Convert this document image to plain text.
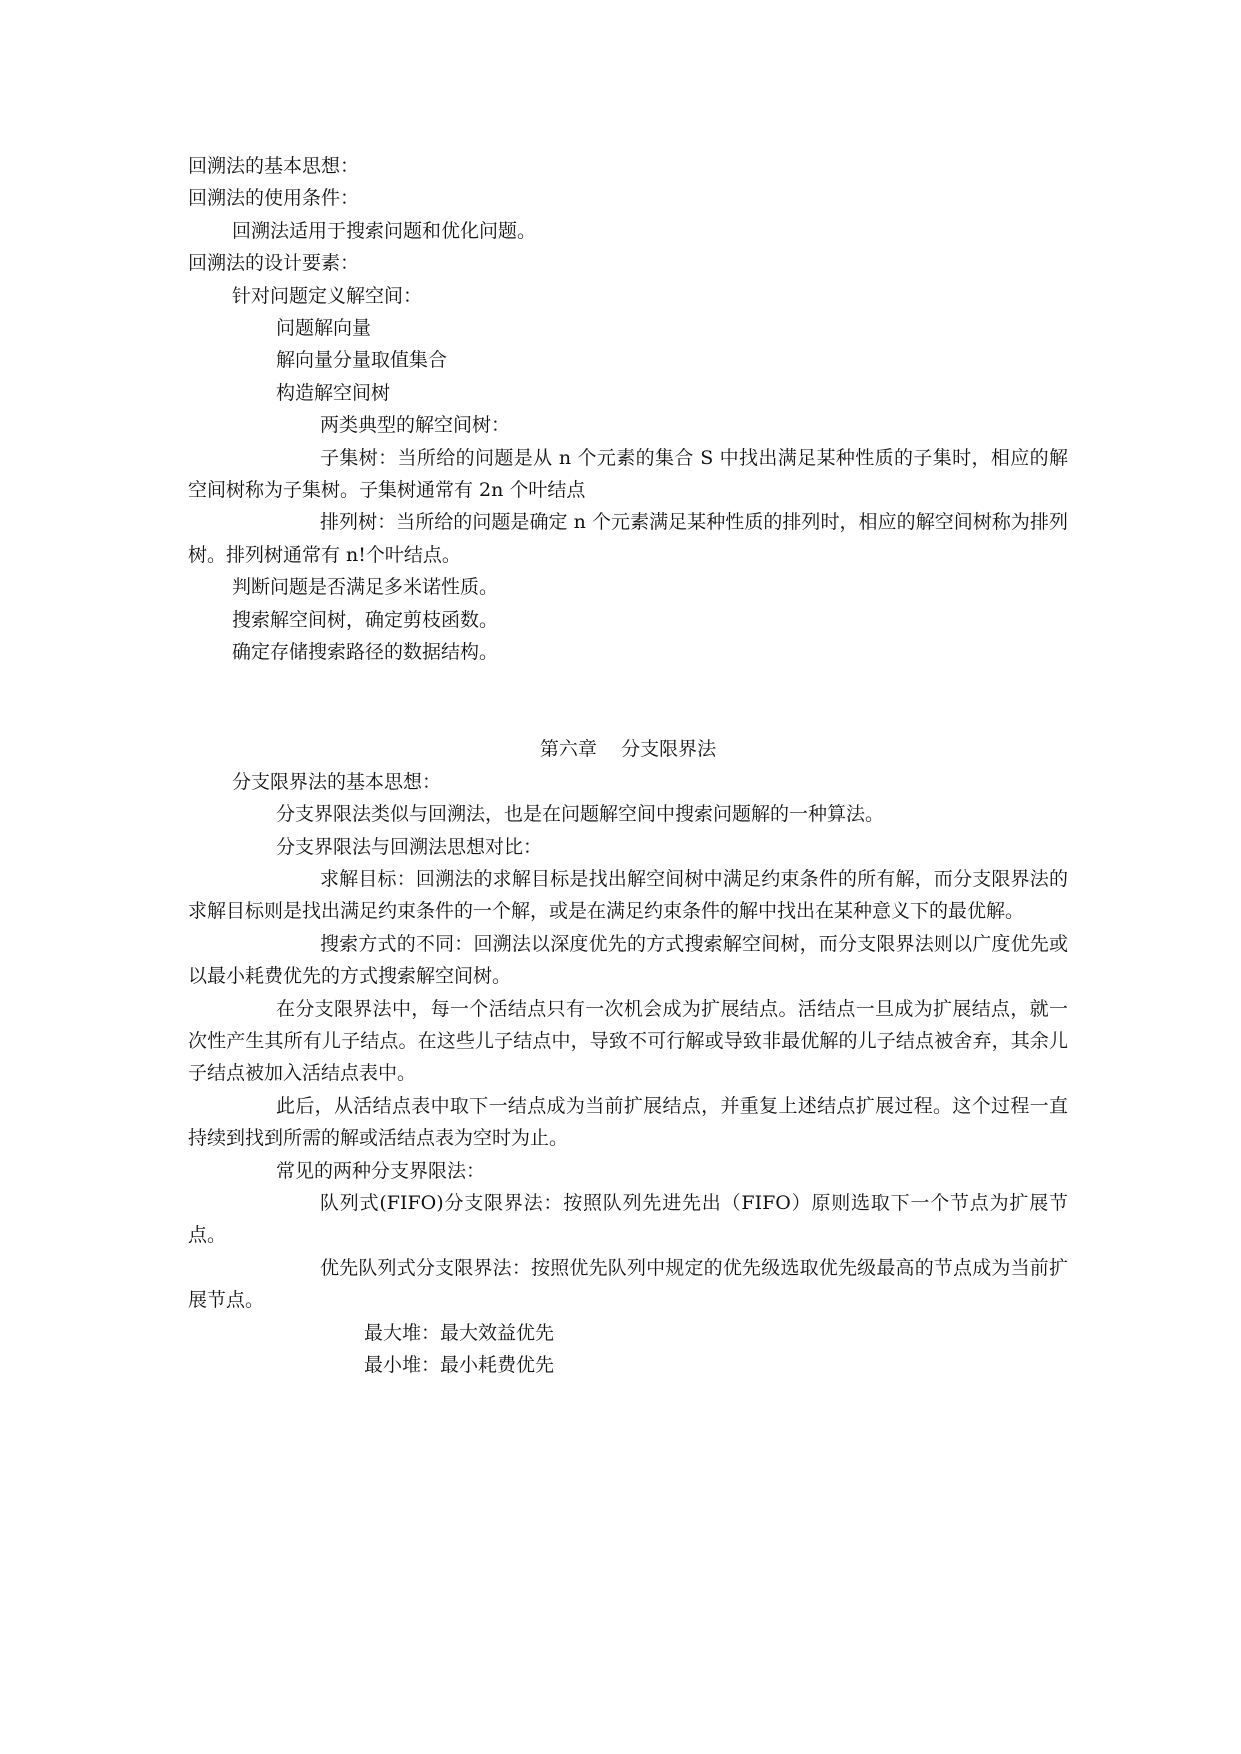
回溯法的基本思想：
回溯法的使用条件：
回溯法适用于搜索问题和优化问题。
回溯法的设计要素：
针对问题定义解空间：
问题解向量
解向量分量取值集合
构造解空间树
两类典型的解空间树：
子集树：当所给的问题是从 n 个元素的集合 S 中找出满足某种性质的子集时，相应的解空间树称为子集树。子集树通常有 2n 个叶结点
排列树：当所给的问题是确定 n 个元素满足某种性质的排列时，相应的解空间树称为排列树。排列树通常有 n!个叶结点。
判断问题是否满足多米诺性质。
搜索解空间树，确定剪枝函数。
确定存储搜索路径的数据结构。
第六章    分支限界法
分支限界法的基本思想：
分支界限法类似与回溯法，也是在问题解空间中搜索问题解的一种算法。
分支界限法与回溯法思想对比：
求解目标：回溯法的求解目标是找出解空间树中满足约束条件的所有解，而分支限界法的求解目标则是找出满足约束条件的一个解，或是在满足约束条件的解中找出在某种意义下的最优解。
搜索方式的不同：回溯法以深度优先的方式搜索解空间树，而分支限界法则以广度优先或以最小耗费优先的方式搜索解空间树。
在分支限界法中，每一个活结点只有一次机会成为扩展结点。活结点一旦成为扩展结点，就一次性产生其所有儿子结点。在这些儿子结点中，导致不可行解或导致非最优解的儿子结点被舍弃，其余儿子结点被加入活结点表中。
此后，从活结点表中取下一结点成为当前扩展结点，并重复上述结点扩展过程。这个过程一直持续到找到所需的解或活结点表为空时为止。
常见的两种分支界限法：
队列式(FIFO)分支限界法：按照队列先进先出（FIFO）原则选取下一个节点为扩展节点。
优先队列式分支限界法：按照优先队列中规定的优先级选取优先级最高的节点成为当前扩展节点。
最大堆：最大效益优先
最小堆：最小耗费优先
